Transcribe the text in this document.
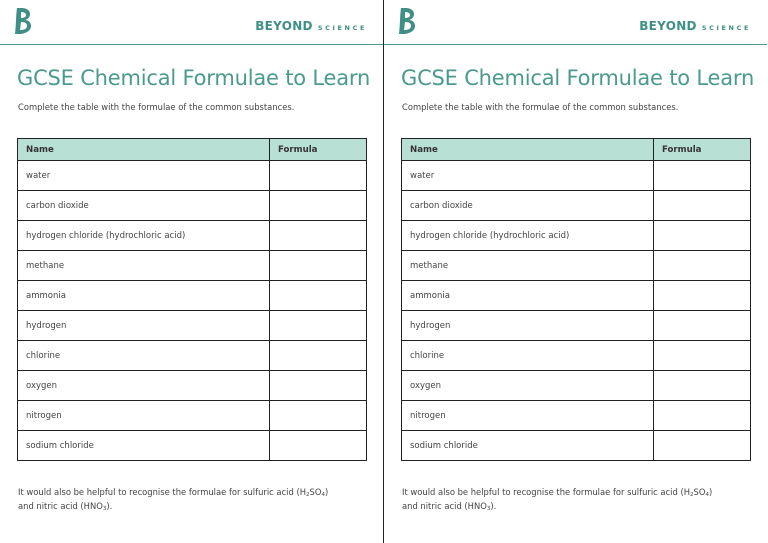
BEYOND SCIENCE
GCSE Chemical Formulae to Learn
Complete the table with the formulae of the common substances.
Name	Formula
water	
carbon dioxide	
hydrogen chloride (hydrochloric acid)	
methane	
ammonia	
hydrogen	
chlorine	
oxygen	
nitrogen	
sodium chloride	
It would also be helpful to recognise the formulae for sulfuric acid $(H_2SO_4)$
and nitric acid $(HNO_3)$.
BEYOND SCIENCE
GCSE Chemical Formulae to Learn
Complete the table with the formulae of the common substances.
Name	Formula
water	
carbon dioxide	
hydrogen chloride (hydrochloric acid)	
methane	
ammonia	
hydrogen	
chlorine	
oxygen	
nitrogen	
sodium chloride	
It would also be helpful to recognise the formulae for sulfuric acid $(H_2SO_4)$
and nitric acid $(HNO_3)$.
